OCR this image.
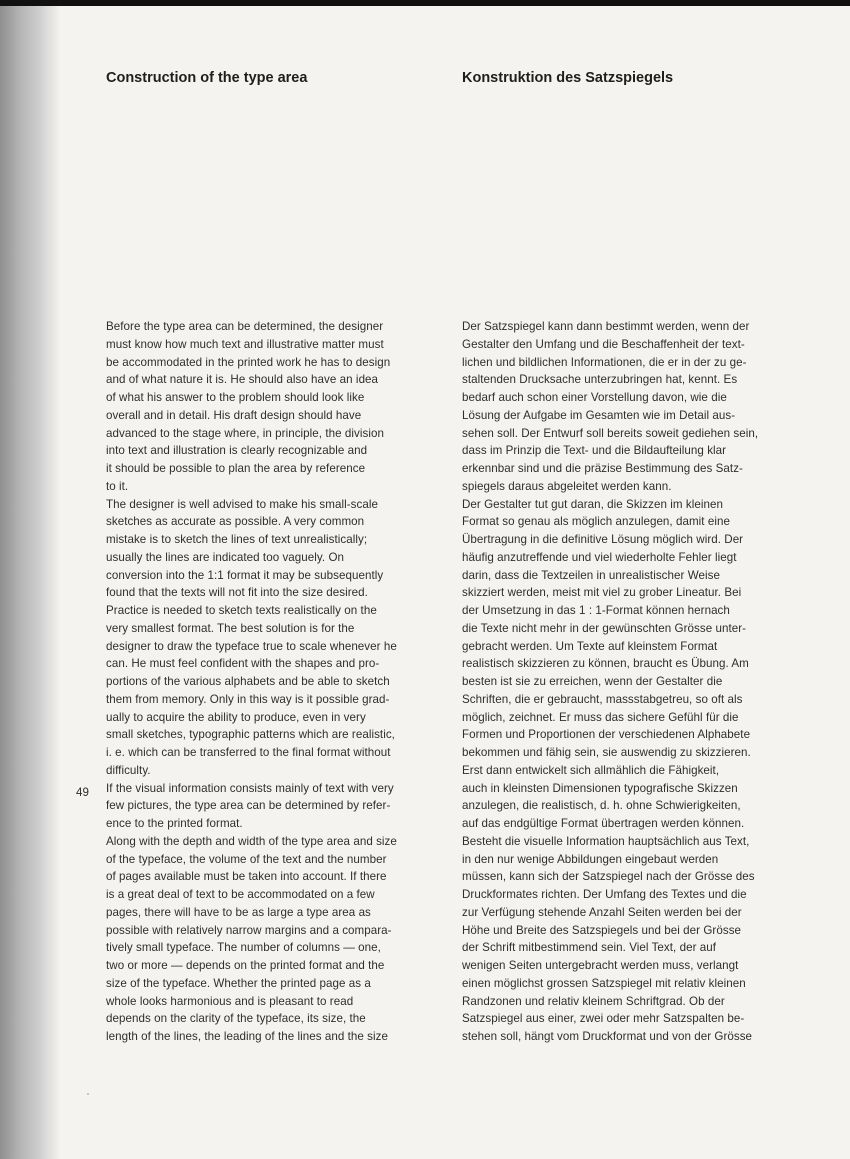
Construction of the type area	Konstruktion des Satzspiegels
Before the type area can be determined, the designer
must know how much text and illustrative matter must
be accommodated in the printed work he has to design
and of what nature it is. He should also have an idea
of what his answer to the problem should look like
overall and in detail. His draft design should have
advanced to the stage where, in principle, the division
into text and illustration is clearly recognizable and
it should be possible to plan the area by reference
to it.
The designer is well advised to make his small-scale
sketches as accurate as possible. A very common
mistake is to sketch the lines of text unrealistically;
usually the lines are indicated too vaguely. On
conversion into the 1:1 format it may be subsequently
found that the texts will not fit into the size desired.
Practice is needed to sketch texts realistically on the
very smallest format. The best solution is for the
designer to draw the typeface true to scale whenever he
can. He must feel confident with the shapes and pro-
portions of the various alphabets and be able to sketch
them from memory. Only in this way is it possible grad-
ually to acquire the ability to produce, even in very
small sketches, typographic patterns which are realistic,
i. e. which can be transferred to the final format without
difficulty.
If the visual information consists mainly of text with very
few pictures, the type area can be determined by refer-
ence to the printed format.
Along with the depth and width of the type area and size
of the typeface, the volume of the text and the number
of pages available must be taken into account. If there
is a great deal of text to be accommodated on a few
pages, there will have to be as large a type area as
possible with relatively narrow margins and a compara-
tively small typeface. The number of columns — one,
two or more — depends on the printed format and the
size of the typeface. Whether the printed page as a
whole looks harmonious and is pleasant to read
depends on the clarity of the typeface, its size, the
length of the lines, the leading of the lines and the size
Der Satzspiegel kann dann bestimmt werden, wenn der
Gestalter den Umfang und die Beschaffenheit der text-
lichen und bildlichen Informationen, die er in der zu ge-
staltenden Drucksache unterzubringen hat, kennt. Es
bedarf auch schon einer Vorstellung davon, wie die
Lösung der Aufgabe im Gesamten wie im Detail aus-
sehen soll. Der Entwurf soll bereits soweit gediehen sein,
dass im Prinzip die Text- und die Bildaufteilung klar
erkennbar sind und die präzise Bestimmung des Satz-
spiegels daraus abgeleitet werden kann.
Der Gestalter tut gut daran, die Skizzen im kleinen
Format so genau als möglich anzulegen, damit eine
Übertragung in die definitive Lösung möglich wird. Der
häufig anzutreffende und viel wiederholte Fehler liegt
darin, dass die Textzeilen in unrealistischer Weise
skizziert werden, meist mit viel zu grober Lineatur. Bei
der Umsetzung in das 1 : 1-Format können hernach
die Texte nicht mehr in der gewünschten Grösse unter-
gebracht werden. Um Texte auf kleinstem Format
realistisch skizzieren zu können, braucht es Übung. Am
besten ist sie zu erreichen, wenn der Gestalter die
Schriften, die er gebraucht, massstabgetreu, so oft als
möglich, zeichnet. Er muss das sichere Gefühl für die
Formen und Proportionen der verschiedenen Alphabete
bekommen und fähig sein, sie auswendig zu skizzieren.
Erst dann entwickelt sich allmählich die Fähigkeit,
auch in kleinsten Dimensionen typografische Skizzen
anzulegen, die realistisch, d. h. ohne Schwierigkeiten,
auf das endgültige Format übertragen werden können.
Besteht die visuelle Information hauptsächlich aus Text,
in den nur wenige Abbildungen eingebaut werden
müssen, kann sich der Satzspiegel nach der Grösse des
Druckformates richten. Der Umfang des Textes und die
zur Verfügung stehende Anzahl Seiten werden bei der
Höhe und Breite des Satzspiegels und bei der Grösse
der Schrift mitbestimmend sein. Viel Text, der auf
wenigen Seiten untergebracht werden muss, verlangt
einen möglichst grossen Satzspiegel mit relativ kleinen
Randzonen und relativ kleinem Schriftgrad. Ob der
Satzspiegel aus einer, zwei oder mehr Satzspalten be-
stehen soll, hängt vom Druckformat und von der Grösse
49
